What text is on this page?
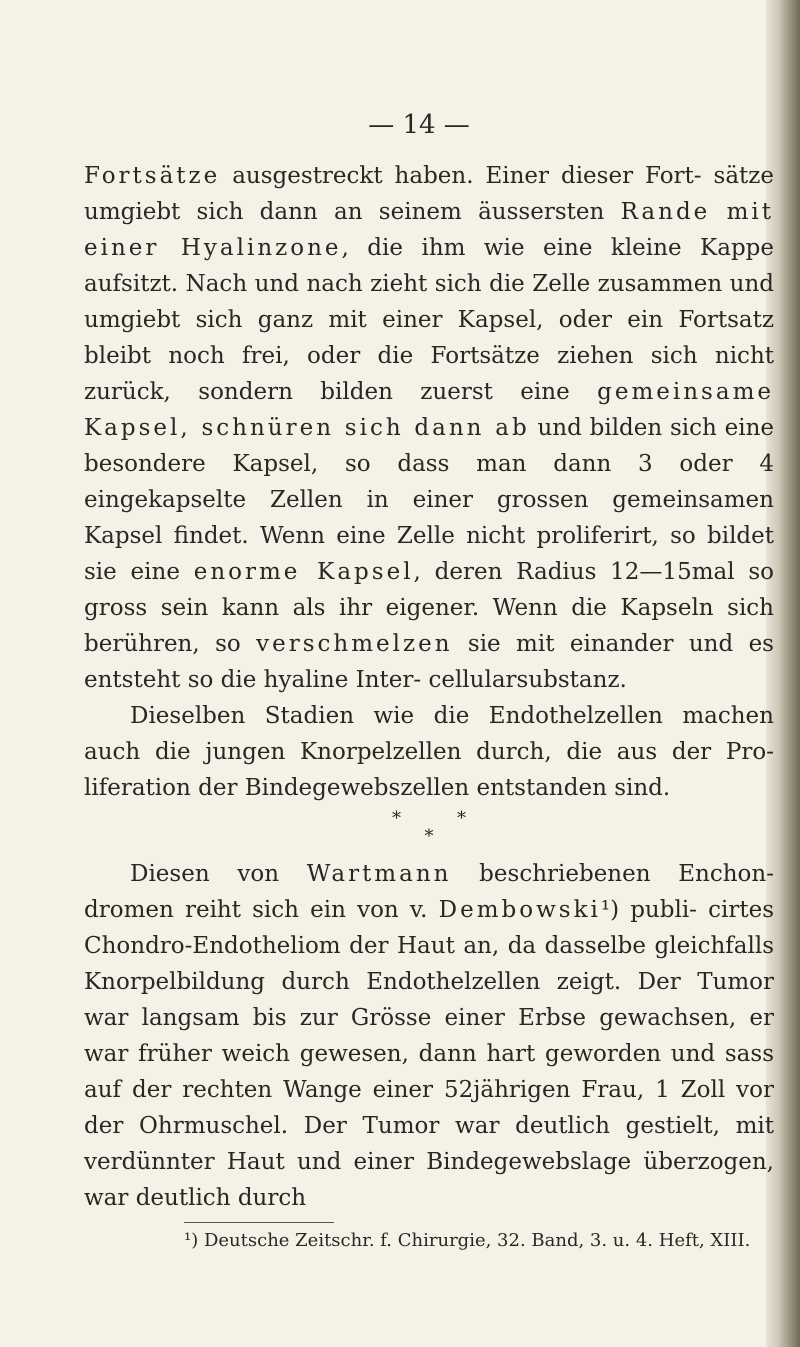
— 14 —

Fortsätze ausgestreckt haben. Einer dieser Fort- sätze umgiebt sich dann an seinem äussersten Rande mit einer Hyalinzone, die ihm wie eine kleine Kappe aufsitzt. Nach und nach zieht sich die Zelle zusammen und umgiebt sich ganz mit einer Kapsel, oder ein Fortsatz bleibt noch frei, oder die Fortsätze ziehen sich nicht zurück, sondern bilden zuerst eine gemeinsame Kapsel, schnüren sich dann ab und bilden sich eine besondere Kapsel, so dass man dann 3 oder 4 eingekapselte Zellen in einer grossen gemeinsamen Kapsel findet. Wenn eine Zelle nicht proliferirt, so bildet sie eine enorme Kapsel, deren Radius 12—15mal so gross sein kann als ihr eigener. Wenn die Kapseln sich berühren, so verschmelzen sie mit einander und es entsteht so die hyaline Inter- cellularsubstanz.

Dieselben Stadien wie die Endothelzellen machen auch die jungen Knorpelzellen durch, die aus der Pro- liferation der Bindegewebszellen entstanden sind.

*	*
*

Diesen von Wartmann beschriebenen Enchon- dromen reiht sich ein von v. Dembowski¹) publi- cirtes Chondro-Endotheliom der Haut an, da dasselbe gleichfalls Knorpelbildung durch Endothelzellen zeigt. Der Tumor war langsam bis zur Grösse einer Erbse gewachsen, er war früher weich gewesen, dann hart geworden und sass auf der rechten Wange einer 52jährigen Frau, 1 Zoll vor der Ohrmuschel. Der Tumor war deutlich gestielt, mit verdünnter Haut und einer Bindegewebslage überzogen, war deutlich durch

¹) Deutsche Zeitschr. f. Chirurgie, 32. Band, 3. u. 4. Heft, XIII.
